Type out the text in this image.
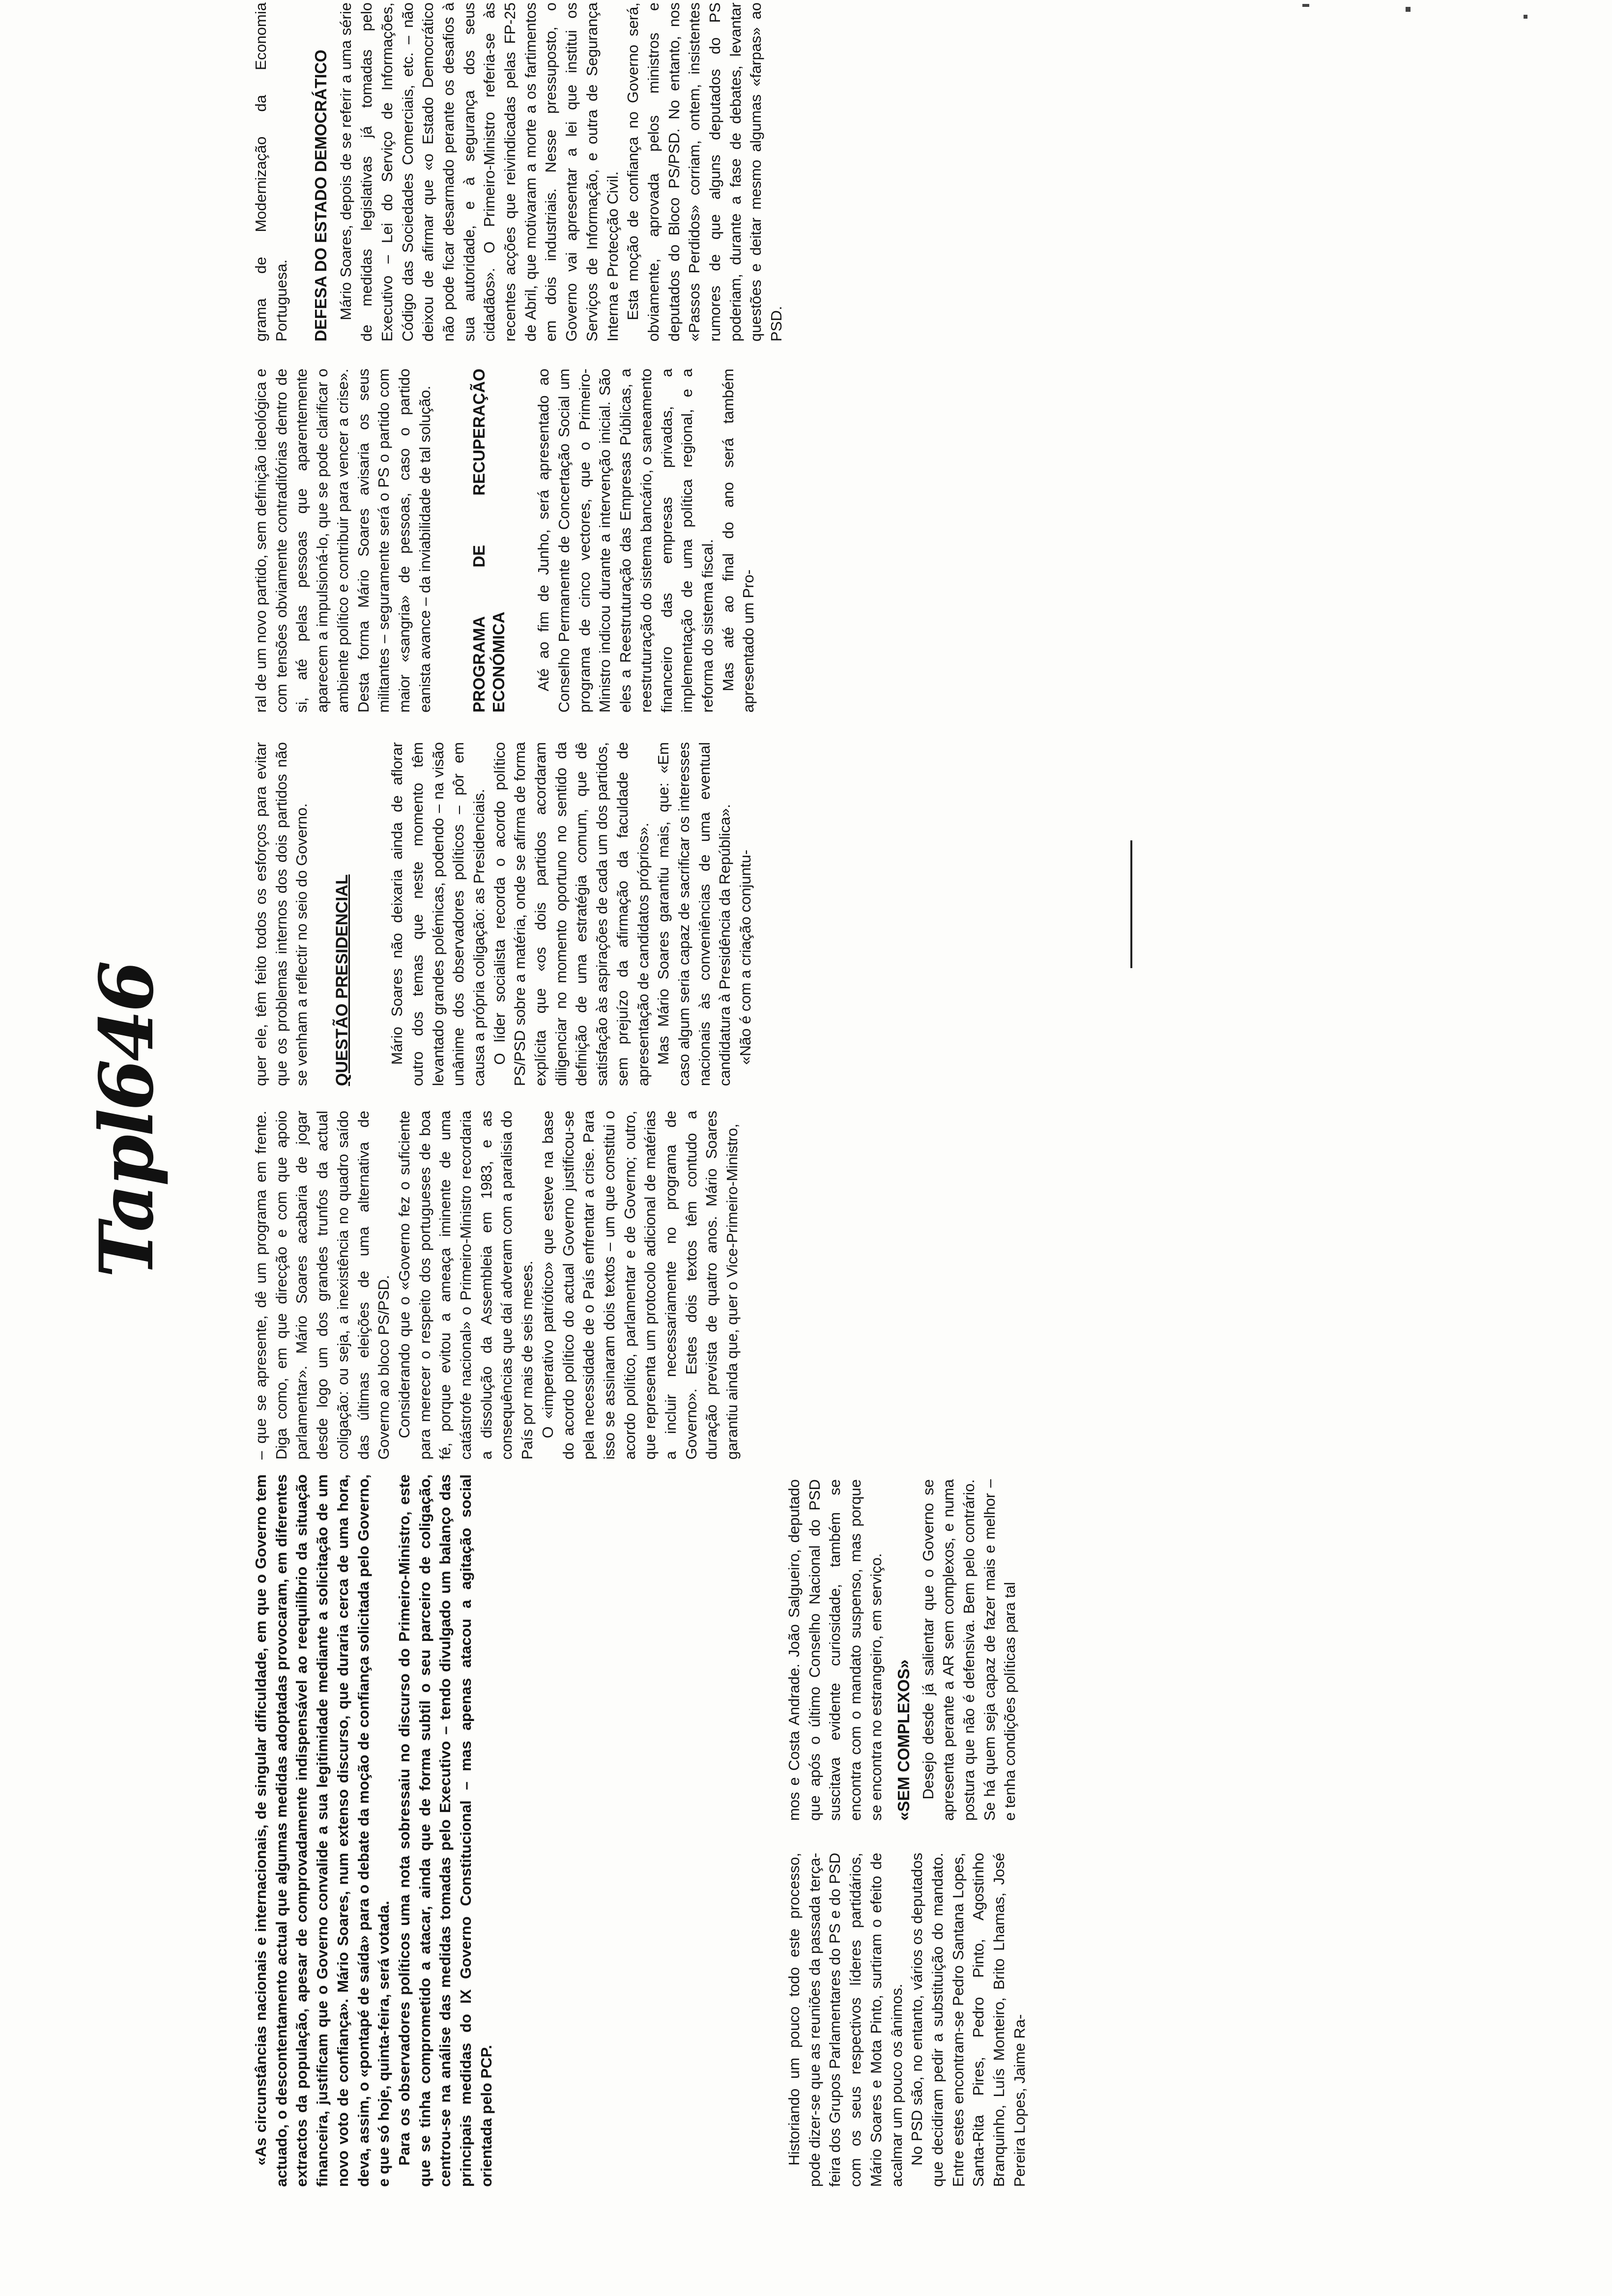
«As circunstâncias nacionais e internacionais, de singular dificuldade, em que o Governo tem actuado, o descontentamento actual que algumas medidas adoptadas provocaram, em diferentes extractos da população, apesar de comprovadamente indispensável ao reequilíbrio da situação financeira, justificam que o Governo convalide a sua legitimidade mediante a solicitação de um novo voto de confiança». Mário Soares, num extenso discurso, que duraria cerca de uma hora, deva, assim, o «pontapé de saída» para o debate da moção de confiança solicitada pelo Governo, e que só hoje, quinta-feira, será votada. Para os observadores políticos uma nota sobressaiu no discurso do Primeiro-Ministro, este que se tinha comprometido a atacar, ainda que de forma subtil o seu parceiro de coligação, centrou-se na análise das medidas tomadas pelo Executivo – tendo divulgado um balanço das principais medidas do IX Governo Constitucional – mas apenas atacou a agitação social orientada pelo PCP.	Historiando um pouco todo este processo, pode dizer-se que as reuniões da passada terça-feira dos Grupos Parlamentares do PS e do PSD com os seus respectivos líderes partidários, Mário Soares e Mota Pinto, surtiram o efeito de acalmar um pouco os ânimos. No PSD são, no entanto, vários os deputados que decidiram pedir a substituição do mandato. Entre estes encontram-se Pedro Santana Lopes, Santa-Rita Pires, Pedro Pinto, Agostinho Branquinho, Luís Monteiro, Brito Lhamas, José Pereira Lopes, Jaime Ra-

mos e Costa Andrade. João Salgueiro, deputado que após o último Conselho Nacional do PSD suscitava evidente curiosidade, também se encontra com o mandato suspenso, mas porque se encontra no estrangeiro, em serviço. «SEM COMPLEXOS» Desejo desde já salientar que o Governo se apresenta perante a AR sem complexos, e numa postura que não é defensiva. Bem pelo contrário. Se há quem seja capaz de fazer mais e melhor – e tenha condições políticas para tal

– que se apresente, dê um programa em frente. Diga como, em que direcção e com que apoio parlamentar». Mário Soares acabaria de jogar desde logo um dos grandes trunfos da actual coligação: ou seja, a inexistência no quadro saído das últimas eleições de uma alternativa de Governo ao bloco PS/PSD. Considerando que o «Governo fez o suficiente para merecer o respeito dos portugueses de boa fé, porque evitou a ameaça iminente de uma catástrofe nacional» o Primeiro-Ministro recordaria a dissolução da Assembleia em 1983, e as consequências que daí adveram com a paralisia do País por mais de seis meses. O «imperativo patriótico» que esteve na base do acordo político do actual Governo justificou-se pela necessidade de o País enfrentar a crise. Para isso se assinaram dois textos – um que constitui o acordo político, parlamentar e de Governo; outro, que representa um protocolo adicional de matérias a incluir necessariamente no programa de Governo». Estes dois textos têm contudo a duração prevista de quatro anos. Mário Soares garantiu ainda que, quer o Vice-Primeiro-Ministro,

quer ele, têm feito todos os esforços para evitar que os problemas internos dos dois partidos não se venham a reflectir no seio do Governo. QUESTÃO PRESIDENCIAL Mário Soares não deixaria ainda de aflorar outro dos temas que neste momento têm levantado grandes polémicas, podendo – na visão unânime dos observadores políticos – pôr em causa a própria coligação: as Presidenciais. O líder socialista recorda o acordo político PS/PSD sobre a matéria, onde se afirma de forma explícita que «os dois partidos acordaram diligenciar no momento oportuno no sentido da definição de uma estratégia comum, que dê satisfação às aspirações de cada um dos partidos, sem prejuízo da afirmação da faculdade de apresentação de candidatos próprios». Mas Mário Soares garantiu mais, que: «Em caso algum seria capaz de sacrificar os interesses nacionais às conveniências de uma eventual candidatura à Presidência da República». «Não é com a criação conjuntu-

ral de um novo partido, sem definição ideológica e com tensões obviamente contraditórias dentro de si, até pelas pessoas que aparentemente aparecem a impulsioná-lo, que se pode clarificar o ambiente político e contribuir para vencer a crise». Desta forma Mário Soares avisaria os seus militantes – seguramente será o PS o partido com maior «sangria» de pessoas, caso o partido eanista avance – da inviabilidade de tal solução. PROGRAMA DE RECUPERAÇÃO ECONÓMICA Até ao fim de Junho, será apresentado ao Conselho Permanente de Concertação Social um programa de cinco vectores, que o Primeiro-Ministro indicou durante a intervenção inicial. São eles a Reestruturação das Empresas Públicas, a reestruturação do sistema bancário, o saneamento financeiro das empresas privadas, a implementação de uma política regional, e a reforma do sistema fiscal. Mas até ao final do ano será também apresentado um Pro-

grama de Modernização da Economia Portuguesa. DEFESA DO ESTADO DEMOCRÁTICO Mário Soares, depois de se referir a uma série de medidas legislativas já tomadas pelo Executivo – Lei do Serviço de Informações, Código das Sociedades Comerciais, etc. – não deixou de afirmar que «o Estado Democrático não pode ficar desarmado perante os desafios à sua autoridade, e à segurança dos seus cidadãos». O Primeiro-Ministro referia-se às recentes acções que reivindicadas pelas FP-25 de Abril, que motivaram a morte a os fartimentos em dois industriais. Nesse pressuposto, o Governo vai apresentar a lei que institui os Serviços de Informação, e outra de Segurança Interna e Protecção Civil. Esta moção de confiança no Governo será, obviamente, aprovada pelos ministros e deputados do Bloco PS/PSD. No entanto, nos «Passos Perdidos» corriam, ontem, insistentes rumores de que alguns deputados do PS poderiam, durante a fase de debates, levantar questões e deitar mesmo algumas «farpas» ao PSD.

Tapl646
